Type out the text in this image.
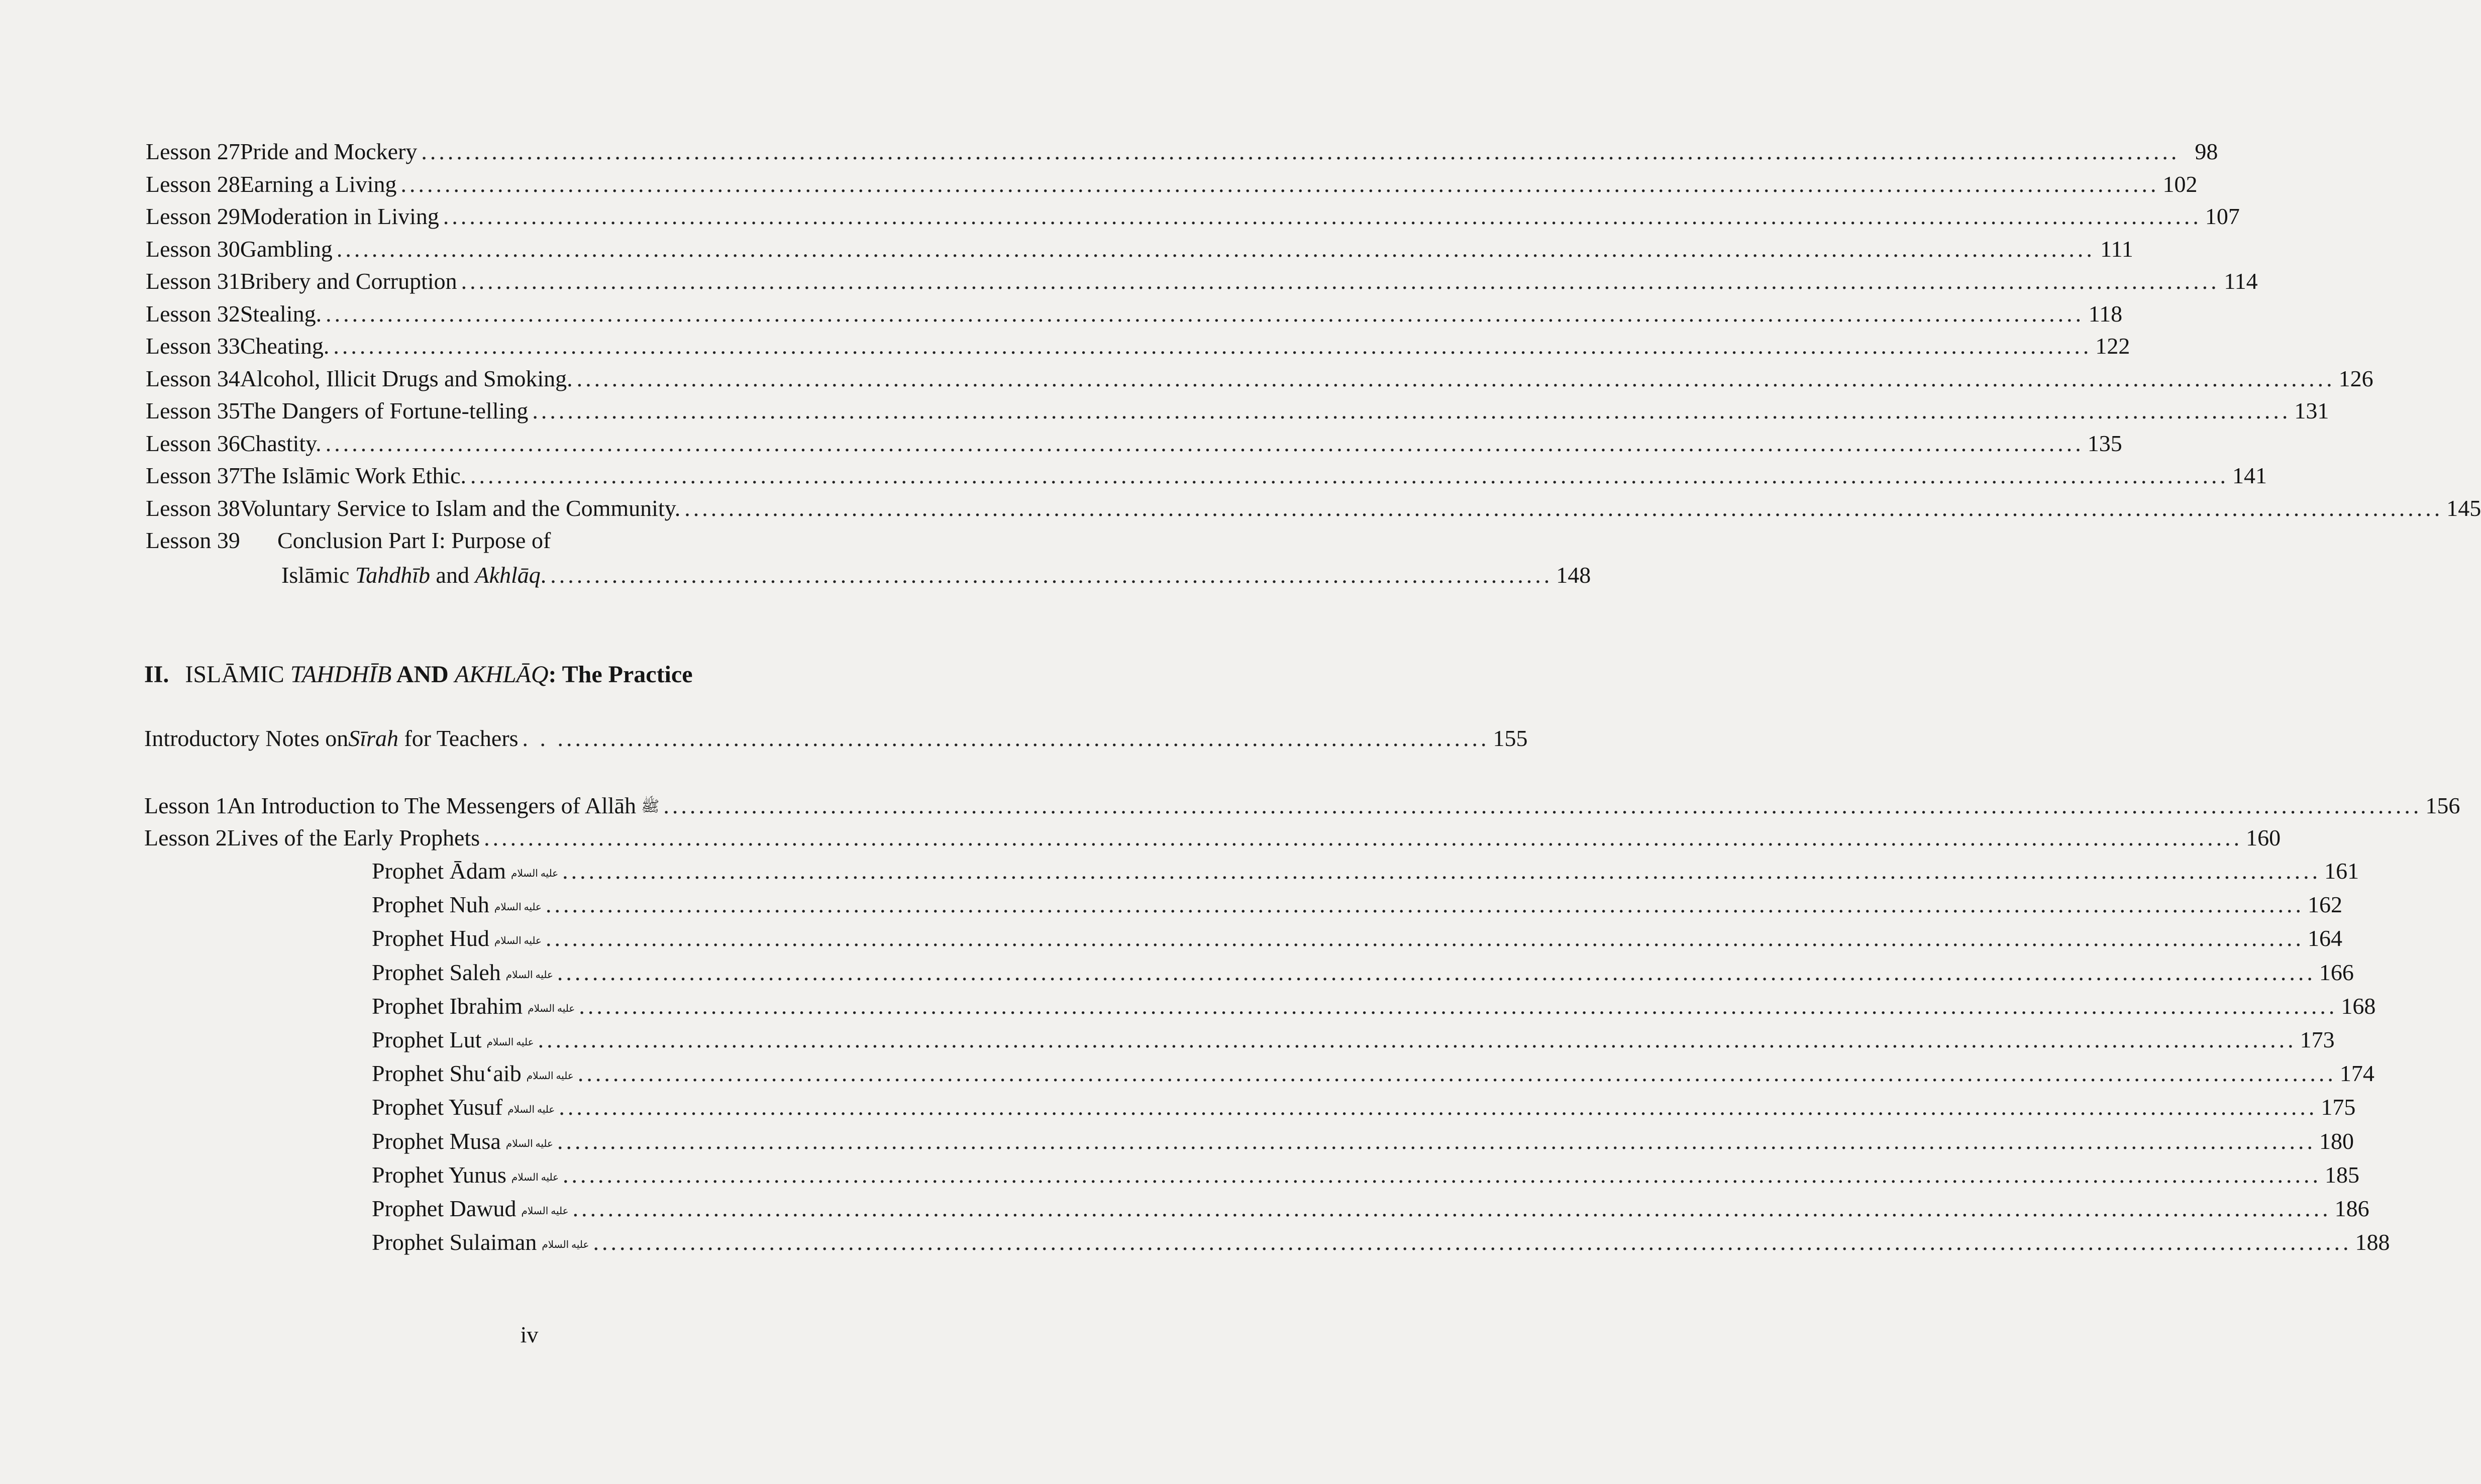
Lesson 27 Pride and Mockery ........................................................................................................................................................................................................ 98
Lesson 28 Earning a Living ........................................................................................................................................................................................................ 102
Lesson 29 Moderation in Living ........................................................................................................................................................................................................ 107
Lesson 30 Gambling ........................................................................................................................................................................................................ 111
Lesson 31 Bribery and Corruption ........................................................................................................................................................................................................ 114
Lesson 32 Stealing. ........................................................................................................................................................................................................ 118
Lesson 33 Cheating. ........................................................................................................................................................................................................ 122
Lesson 34 Alcohol, Illicit Drugs and Smoking. ........................................................................................................................................................................................................ 126
Lesson 35 The Dangers of Fortune-telling ........................................................................................................................................................................................................ 131
Lesson 36 Chastity. ........................................................................................................................................................................................................ 135
Lesson 37 The Islāmic Work Ethic. ........................................................................................................................................................................................................ 141
Lesson 38 Voluntary Service to Islam and the Community. ........................................................................................................................................................................................................ 145
Lesson 39	Conclusion Part I: Purpose of
Islāmic
Tahdhīb and Akhlāq . .................................................................................................................. 148
II. ISLĀMIC TAHDHĪB AND AKHLĀQ: The Practice
Introductory Notes on Sīrah for Teachers . . .......................................................................................................... 155
Lesson 1 An Introduction to The Messengers of Allāh ﷺ ........................................................................................................................................................................................................ 156
Lesson 2 Lives of the Early Prophets ........................................................................................................................................................................................................ 160
Prophet Ādam عليه السلام ........................................................................................................................................................................................................ 161
Prophet Nuh عليه السلام ........................................................................................................................................................................................................ 162
Prophet Hud عليه السلام ........................................................................................................................................................................................................ 164
Prophet Saleh عليه السلام ........................................................................................................................................................................................................ 166
Prophet Ibrahim عليه السلام ........................................................................................................................................................................................................ 168
Prophet Lut عليه السلام ........................................................................................................................................................................................................ 173
Prophet Shu‘aib عليه السلام ........................................................................................................................................................................................................ 174
Prophet Yusuf عليه السلام ........................................................................................................................................................................................................ 175
Prophet Musa عليه السلام ........................................................................................................................................................................................................ 180
Prophet Yunus عليه السلام ........................................................................................................................................................................................................ 185
Prophet Dawud عليه السلام ........................................................................................................................................................................................................ 186
Prophet Sulaiman عليه السلام ........................................................................................................................................................................................................ 188
iv
